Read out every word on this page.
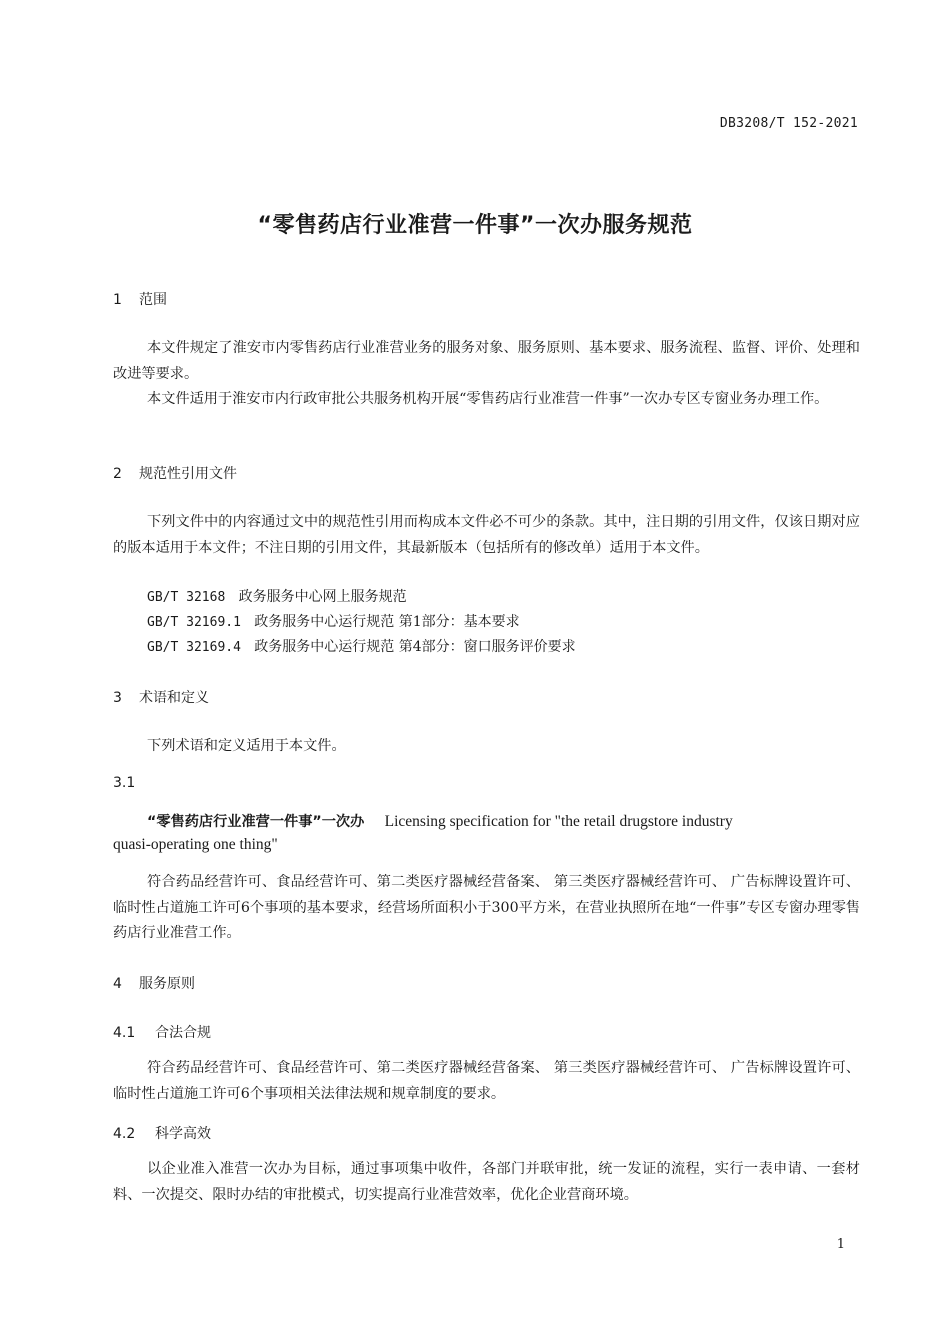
DB3208/T 152-2021
“零售药店行业准营一件事”一次办服务规范
1 范围

本文件规定了淮安市内零售药店行业准营业务的服务对象、服务原则、基本要求、服务流程、监督、评价、处理和改进等要求。

本文件适用于淮安市内行政审批公共服务机构开展“零售药店行业准营一件事”一次办专区专窗业务办理工作。

2 规范性引用文件

下列文件中的内容通过文中的规范性引用而构成本文件必不可少的条款。其中，注日期的引用文件，仅该日期对应的版本适用于本文件；不注日期的引用文件，其最新版本（包括所有的修改单）适用于本文件。

GB/T 32168 政务服务中心网上服务规范
GB/T 32169.1 政务服务中心运行规范 第1部分：基本要求
GB/T 32169.4 政务服务中心运行规范 第4部分：窗口服务评价要求
3 术语和定义

下列术语和定义适用于本文件。

3.1
“零售药店行业准营一件事”一次办 Licensing specification for "the retail drugstore industry
quasi-operating one thing"

符合药品经营许可、食品经营许可、第二类医疗器械经营备案、 第三类医疗器械经营许可、 广告标牌设置许可、临时性占道施工许可6个事项的基本要求，经营场所面积小于300平方米，在营业执照所在地“一件事”专区专窗办理零售药店行业准营工作。

4 服务原则
4.1 合法合规

符合药品经营许可、食品经营许可、第二类医疗器械经营备案、 第三类医疗器械经营许可、 广告标牌设置许可、临时性占道施工许可6个事项相关法律法规和规章制度的要求。

4.2 科学高效

以企业准入准营一次办为目标，通过事项集中收件，各部门并联审批，统一发证的流程，实行一表申请、一套材料、一次提交、限时办结的审批模式，切实提高行业准营效率，优化企业营商环境。

1
